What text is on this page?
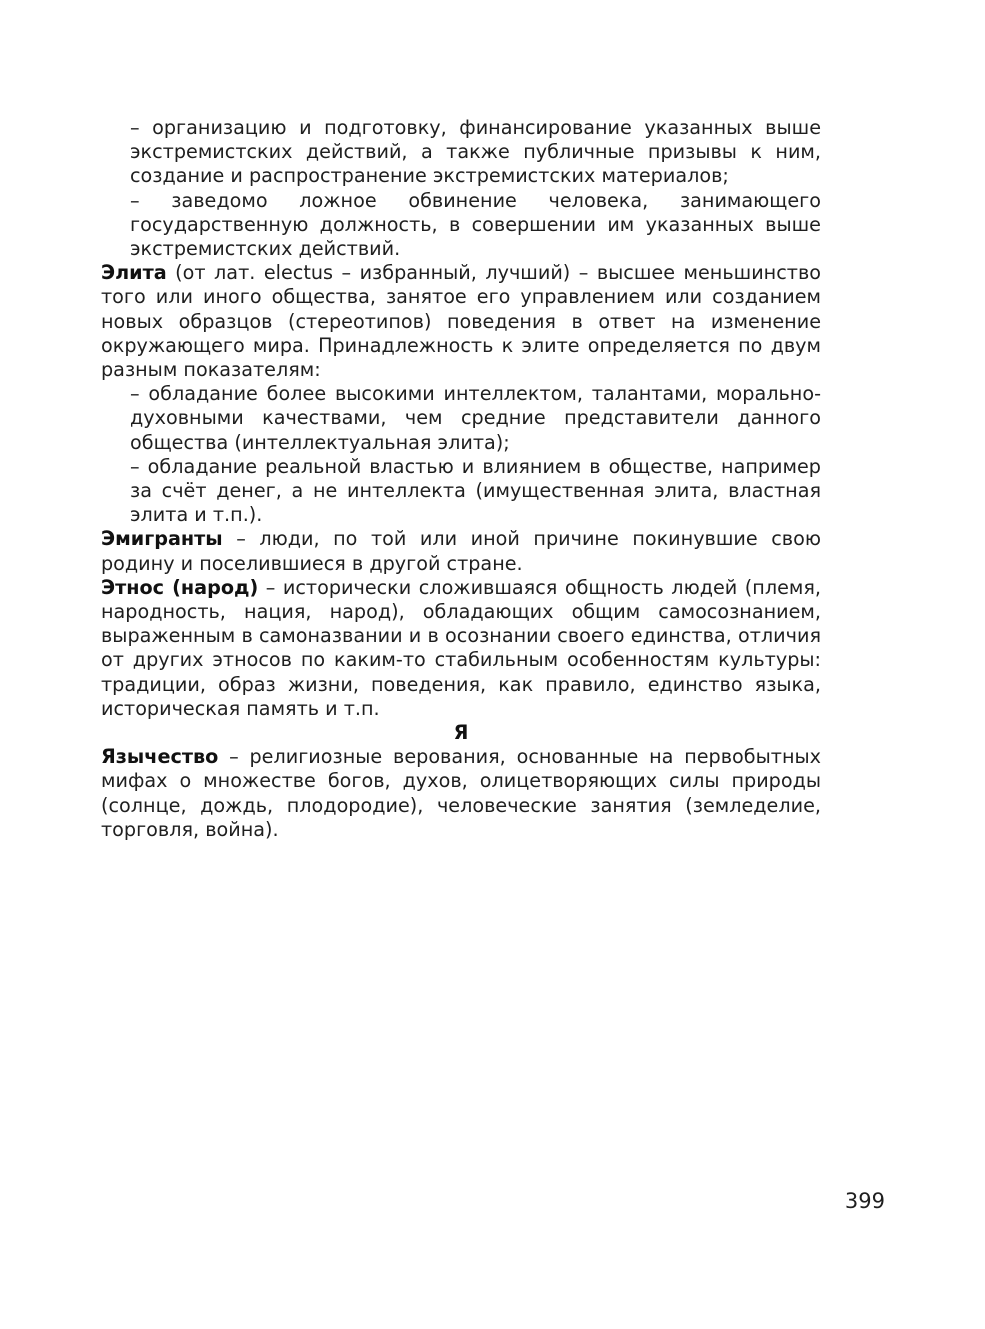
– организацию и подготовку, финансирование указанных выше экстремистских действий, а также публичные призывы к ним, создание и распространение экстремистских материалов;

– заведомо ложное обвинение человека, занимающего государственную должность, в совершении им указанных выше экстремистских действий.

Элита (от лат. electus – избранный, лучший) – высшее меньшинство того или иного общества, занятое его управлением или созданием новых образцов (стереотипов) поведения в ответ на изменение окружающего мира. Принадлежность к элите определяется по двум разным показателям:

– обладание более высокими интеллектом, талантами, морально-духовными качествами, чем средние представители данного общества (интеллектуальная элита);

– обладание реальной властью и влиянием в обществе, например за счёт денег, а не интеллекта (имущественная элита, властная элита и т.п.).

Эмигранты – люди, по той или иной причине покинувшие свою родину и поселившиеся в другой стране.

Этнос (народ) – исторически сложившаяся общность людей (племя, народность, нация, народ), обладающих общим самосознанием, выраженным в самоназвании и в осознании своего единства, отличия от других этносов по каким-то стабильным особенностям культуры: традиции, образ жизни, поведения, как правило, единство языка, историческая память и т.п.

Я

Язычество – религиозные верования, основанные на первобытных мифах о множестве богов, духов, олицетворяющих силы природы (солнце, дождь, плодородие), человеческие занятия (земледелие, торговля, война).

399
